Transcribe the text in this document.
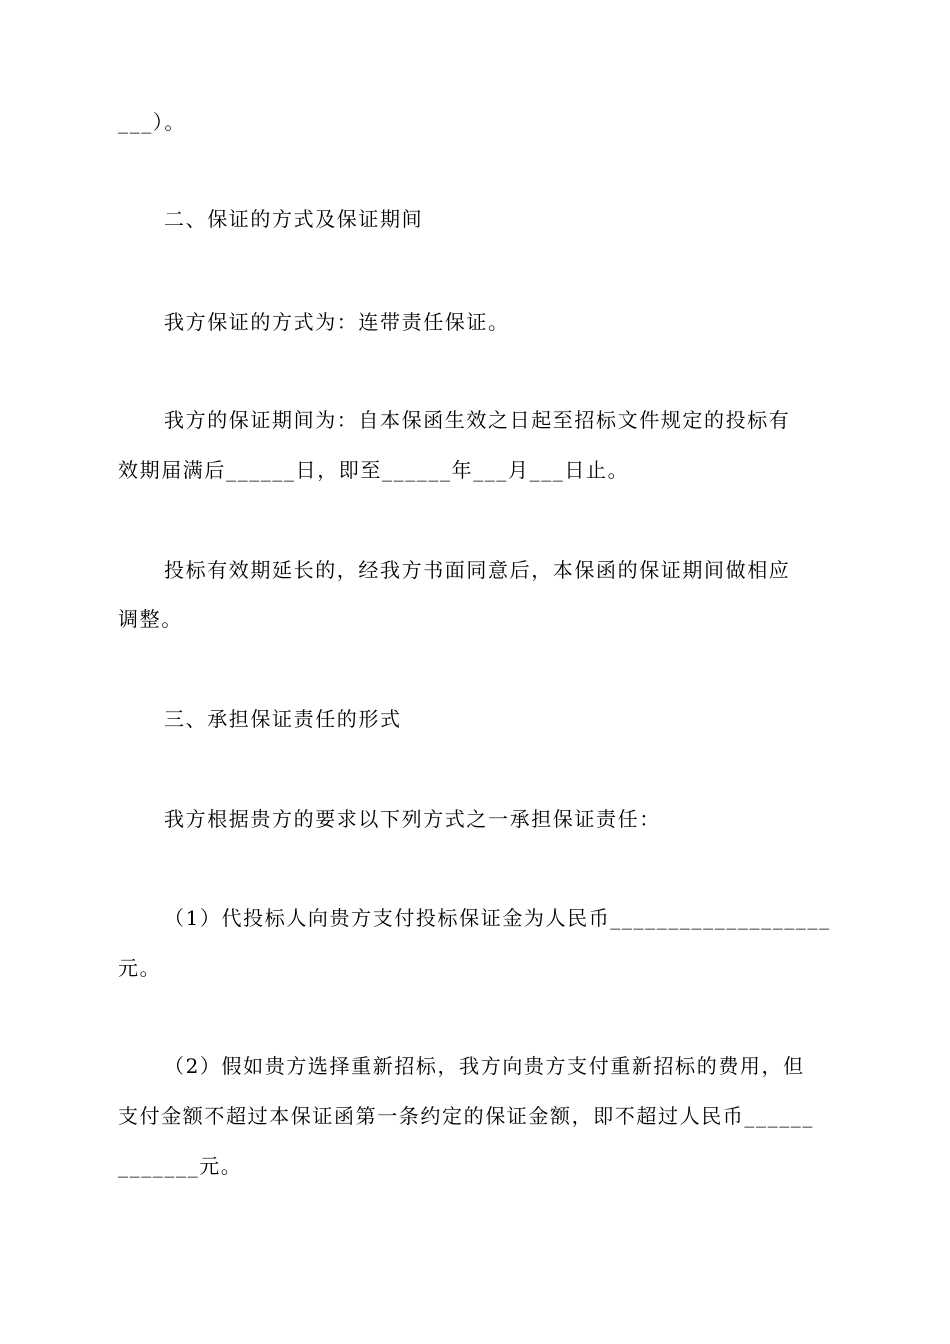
___）。
二、保证的方式及保证期间
我方保证的方式为：连带责任保证。
我方的保证期间为：自本保函生效之日起至招标文件规定的投标有
效期届满后______日，即至______年___月___日止。
投标有效期延长的，经我方书面同意后，本保函的保证期间做相应
调整。
三、承担保证责任的形式
我方根据贵方的要求以下列方式之一承担保证责任：
（1）代投标人向贵方支付投标保证金为人民币___________________
元。
（2）假如贵方选择重新招标，我方向贵方支付重新招标的费用，但
支付金额不超过本保证函第一条约定的保证金额，即不超过人民币______
_______元。
